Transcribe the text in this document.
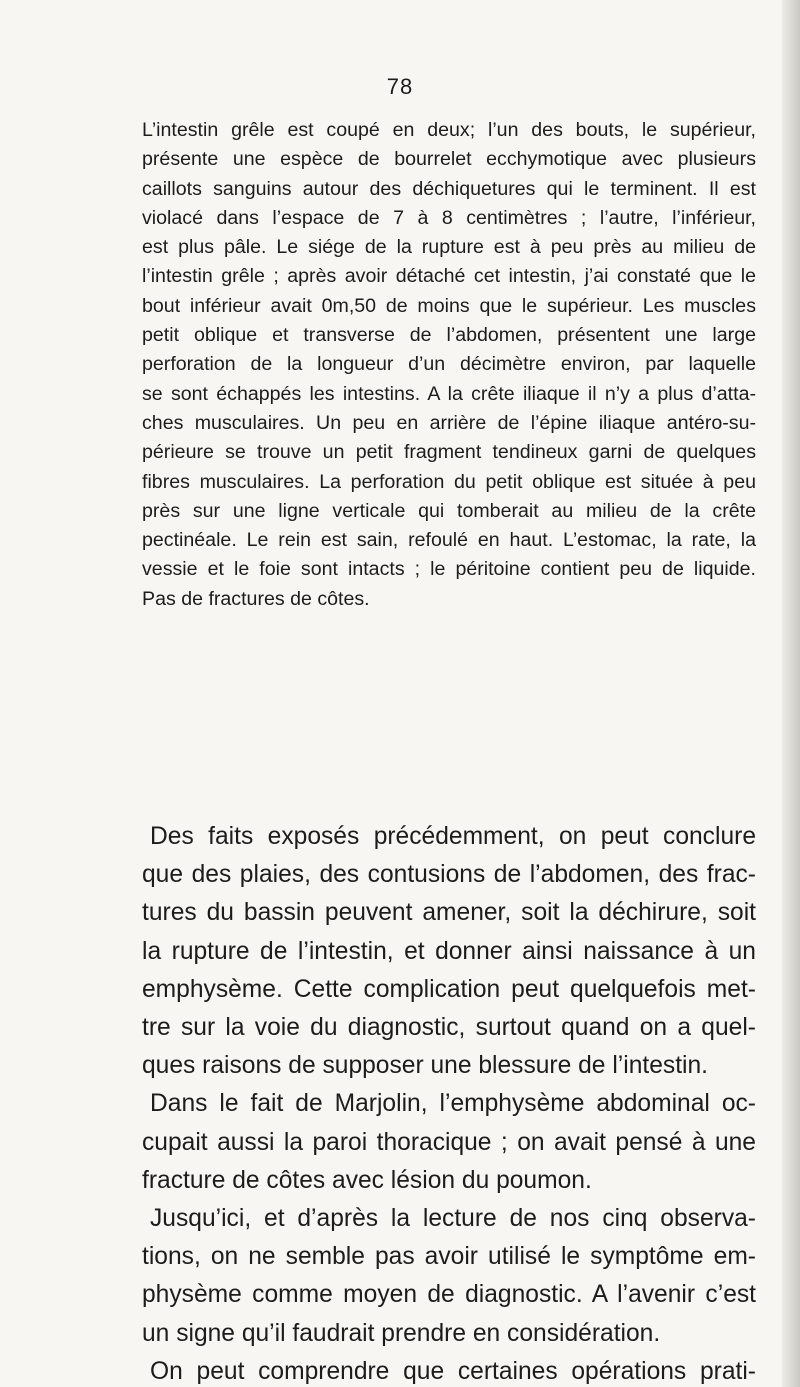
78
L’intestin grêle est coupé en deux; l’un des bouts, le supérieur,
présente une espèce de bourrelet ecchymotique avec plusieurs
caillots sanguins autour des déchiquetures qui le terminent. Il est
violacé dans l’espace de 7 à 8 centimètres ; l’autre, l’inférieur,
est plus pâle. Le siége de la rupture est à peu près au milieu de
l’intestin grêle ; après avoir détaché cet intestin, j’ai constaté que le
bout inférieur avait 0m,50 de moins que le supérieur. Les muscles
petit oblique et transverse de l’abdomen, présentent une large
perforation de la longueur d’un décimètre environ, par laquelle
se sont échappés les intestins. A la crête iliaque il n’y a plus d’atta-
ches musculaires. Un peu en arrière de l’épine iliaque antéro-su-
périeure se trouve un petit fragment tendineux garni de quelques
fibres musculaires. La perforation du petit oblique est située à peu
près sur une ligne verticale qui tomberait au milieu de la crête
pectinéale. Le rein est sain, refoulé en haut. L’estomac, la rate, la
vessie et le foie sont intacts ; le péritoine contient peu de liquide.
Pas de fractures de côtes.
Des faits exposés précédemment, on peut conclure
que des plaies, des contusions de l’abdomen, des frac-
tures du bassin peuvent amener, soit la déchirure, soit
la rupture de l’intestin, et donner ainsi naissance à un
emphysème. Cette complication peut quelquefois met-
tre sur la voie du diagnostic, surtout quand on a quel-
ques raisons de supposer une blessure de l’intestin.
Dans le fait de Marjolin, l’emphysème abdominal oc-
cupait aussi la paroi thoracique ; on avait pensé à une
fracture de côtes avec lésion du poumon.
Jusqu’ici, et d’après la lecture de nos cinq observa-
tions, on ne semble pas avoir utilisé le symptôme em-
physème comme moyen de diagnostic. A l’avenir c’est
un signe qu’il faudrait prendre en considération.
On peut comprendre que certaines opérations prati-
